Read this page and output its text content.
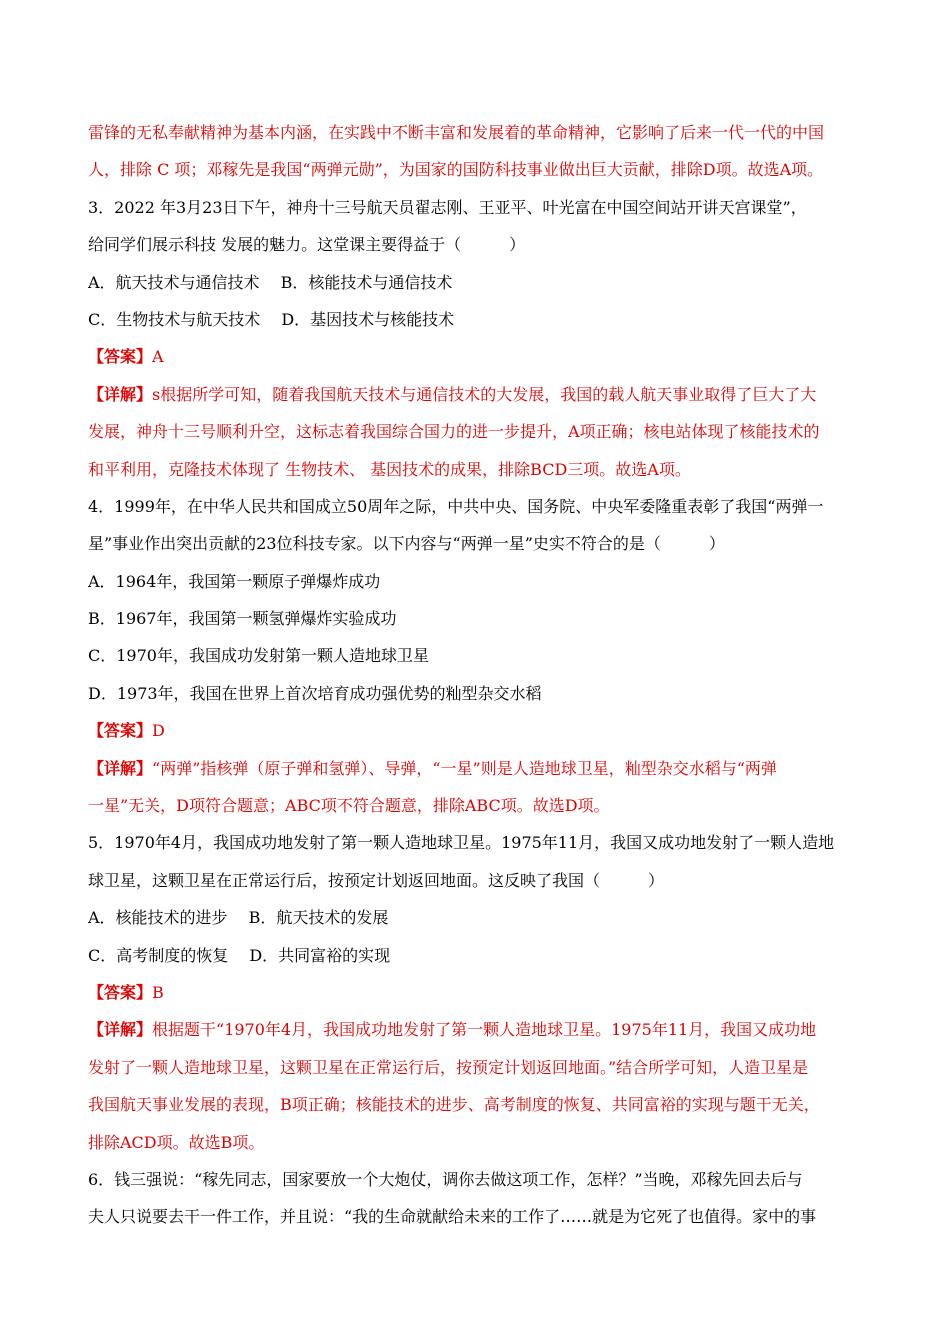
雷锋的无私奉献精神为基本内涵，在实践中不断丰富和发展着的革命精神，它影响了后来一代一代的中国
人，排除 C 项；邓稼先是我国“两弹元勋”，为国家的国防科技事业做出巨大贡献，排除D项。故选A项。
3．2022 年3月23日下午，神舟十三号航天员翟志刚、王亚平、叶光富在中国空间站开讲天宫课堂”，
给同学们展示科技 发展的魅力。这堂课主要得益于（　　　）
A．航天技术与通信技术　 B．核能技术与通信技术
C．生物技术与航天技术　 D．基因技术与核能技术
【答案】A
【详解】s根据所学可知，随着我国航天技术与通信技术的大发展，我国的载人航天事业取得了巨大了大
发展，神舟十三号顺利升空，这标志着我国综合国力的进一步提升，A项正确；核电站体现了核能技术的
和平利用，克隆技术体现了 生物技术、 基因技术的成果，排除BCD三项。故选A项。
4．1999年，在中华人民共和国成立50周年之际，中共中央、国务院、中央军委隆重表彰了我国“两弹一
星”事业作出突出贡献的23位科技专家。以下内容与“两弹一星”史实不符合的是（　　　）
A．1964年，我国第一颗原子弹爆炸成功
B．1967年，我国第一颗氢弹爆炸实验成功
C．1970年，我国成功发射第一颗人造地球卫星
D．1973年，我国在世界上首次培育成功强优势的籼型杂交水稻
【答案】D
【详解】“两弹”指核弹（原子弹和氢弹）、导弹，“一星”则是人造地球卫星，籼型杂交水稻与“两弹
一星”无关，D项符合题意；ABC项不符合题意，排除ABC项。故选D项。
5．1970年4月，我国成功地发射了第一颗人造地球卫星。1975年11月，我国又成功地发射了一颗人造地
球卫星，这颗卫星在正常运行后，按预定计划返回地面。这反映了我国（　　　）
A．核能技术的进步　 B．航天技术的发展
C．高考制度的恢复　 D．共同富裕的实现
【答案】B
【详解】根据题干“1970年4月，我国成功地发射了第一颗人造地球卫星。1975年11月，我国又成功地
发射了一颗人造地球卫星，这颗卫星在正常运行后，按预定计划返回地面。”结合所学可知，人造卫星是
我国航天事业发展的表现，B项正确；核能技术的进步、高考制度的恢复、共同富裕的实现与题干无关，
排除ACD项。故选B项。
6．钱三强说：“稼先同志，国家要放一个大炮仗，调你去做这项工作，怎样？”当晚，邓稼先回去后与
夫人只说要去干一件工作，并且说：“我的生命就献给未来的工作了……就是为它死了也值得。家中的事
